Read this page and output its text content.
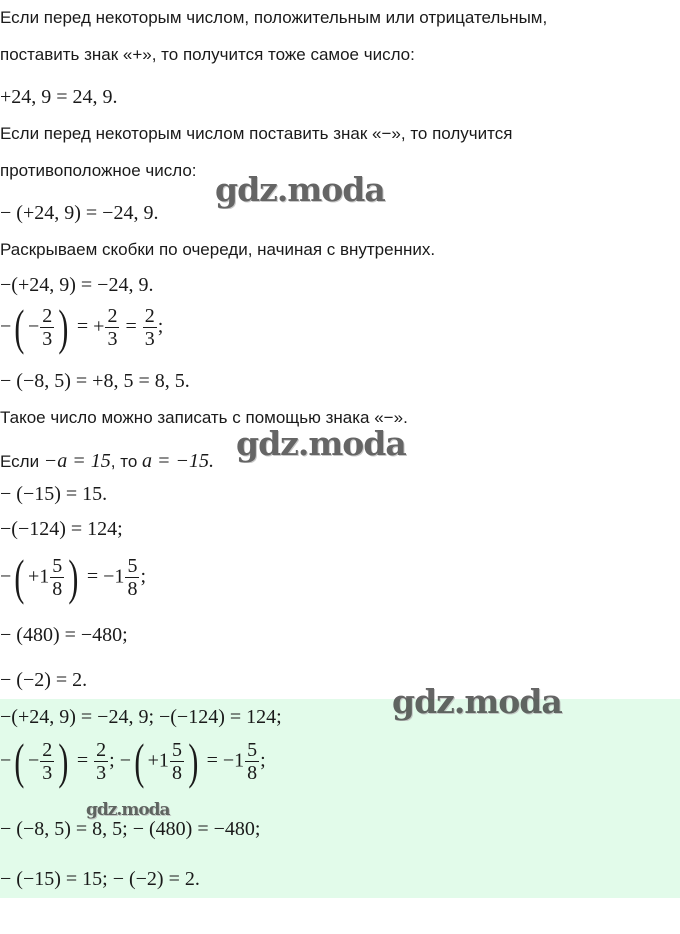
Если перед некоторым числом, положительным или отрицательным,
поставить знак «+», то получится тоже самое число:
+24, 9 = 24, 9.
Если перед некоторым числом поставить знак «−», то получится
противоположное число:
− (+24, 9) = −24, 9.
Раскрываем скобки по очереди, начиная с внутренних.
−(+24, 9) = −24, 9.
−( − $\frac{2}{3}$ ) = + $\frac{2}{3} = \frac{2}{3}$ ;
− (−8, 5) = +8, 5 = 8, 5.
Такое число можно записать с помощью знака «−».
Если −a = 15, то a = −15.
− (−15) = 15.
−(−124) = 124;
−( $+1 \frac{5}{8}$ ) = $-1 \frac{5}{8}$ ;
− (480) = −480;
− (−2) = 2.
−(+24, 9) = −24, 9; −(−124) = 124;
−( − $\frac{2}{3}$ ) = $\frac{2}{3}$ ; −( $+1 \frac{5}{8}$ ) = $-1 \frac{5}{8}$ ;
− (−8, 5) = 8, 5; − (480) = −480;
− (−15) = 15; − (−2) = 2.
gdz.moda
gdz.moda
gdz.moda
gdz.moda
